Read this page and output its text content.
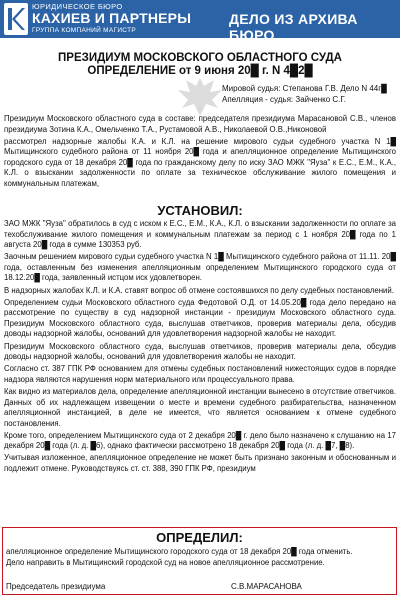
ЮРИДИЧЕСКОЕ БЮРО
КАХИЕВ И ПАРТНЕРЫ
ГРУППА КОМПАНИЙ МАГИСТР
ДЕЛО ИЗ АРХИВА БЮРО
ПРЕЗИДИУМ МОСКОВСКОГО ОБЛАСТНОГО СУДА
ОПРЕДЕЛЕНИЕ от 9 июня 20█ г. N 4█2█
Мировой судья: Степанова Г.В. Дело N 44г█
Апелляция - судья: Зайченко С.Г.

Президиум Московского областного суда в составе: председателя президиума Марасановой С.В., членов президиума Зотина К.А., Омельченко Т.А., Рустамовой А.В., Николаевой О.В.,Никоновой

рассмотрел надзорные жалобы К.А. и К.Л. на решение мирового судьи судебного участка N 1█ Мытищинского судебного района от 11 ноября 20█ года и апелляционное определение Мытищинского городского суда от 18 декабря 20█ года по гражданскому делу по иску ЗАО МЖК "Яуза" к Е.С., Е.М., К.А., К.Л. о взыскании задолженности по оплате за техническое обслуживание жилого помещения и коммунальным платежам,

УСТАНОВИЛ:

ЗАО МЖК "Яуза" обратилось в суд с иском к Е.С., Е.М., К.А., К.Л. о взыскании задолженности по оплате за техобслуживание жилого помещения и коммунальным платежам за период с 1 ноября 20█ года по 1 августа 20█ года в сумме 130353 руб.

Заочным решением мирового судьи судебного участка N 1█ Мытищинского судебного района от 11.11. 20█ года, оставленным без изменения апелляционным определением Мытищинского городского суда от 18.12.20█ года, заявленный истцом иск удовлетворен.

В надзорных жалобах К.Л. и К.А. ставят вопрос об отмене состоявшихся по делу судебных постановлений.

Определением судьи Московского областного суда Федотовой О.Д. от 14.05.20█ года дело передано на рассмотрение по существу в суд надзорной инстанции - президиум Московского областного суда. Президиум Московского областного суда, выслушав ответчиков, проверив материалы дела, обсудив доводы надзорной жалобы, оснований для удовлетворения надзорной жалобы не находит.

Президиум Московского областного суда, выслушав ответчиков, проверив материалы дела, обсудив доводы надзорной жалобы, оснований для удовлетворения жалобы не находит.

Согласно ст. 387 ГПК РФ основанием для отмены судебных постановлений нижестоящих судов в порядке надзора являются нарушения норм материального или процессуального права.

Как видно из материалов дела, определение апелляционной инстанции вынесено в отсутствие ответчиков. Данных об их надлежащем извещении о месте и времени судебного разбирательства, назначенном апелляционной инстанцией, в деле не имеется, что является основанием к отмене судебного постановления.

Кроме того, определением Мытищинского суда от 2 декабря 20█ г. дело было назначено к слушанию на 17 декабря 20█ года (л. д. █6), однако фактически рассмотрено 18 декабря 20█ года (л. д. █7, █8).

Учитывая изложенное, апелляционное определение не может быть признано законным и обоснованным и подлежит отмене. Руководствуясь ст. ст. 388, 390 ГПК РФ, президиум

ОПРЕДЕЛИЛ:

апелляционное определение Мытищинского городского суда от 18 декабря 20█ года отменить.

Дело направить в Мытищинский городской суд на новое апелляционное рассмотрение.

Председатель президиума	С.В.МАРАСАНОВА
